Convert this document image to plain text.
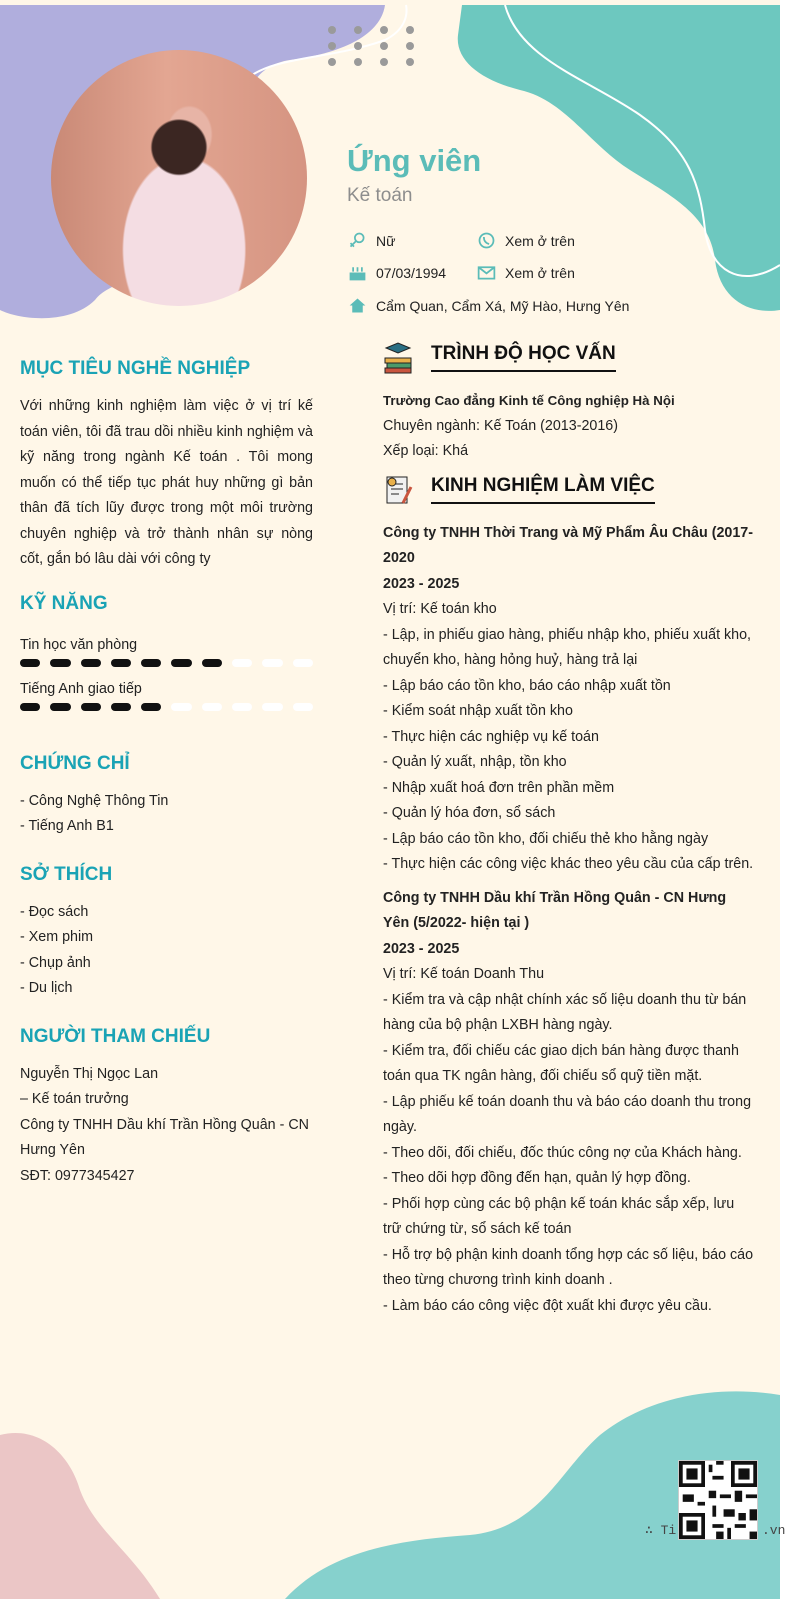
Ứng viên
Kế toán
Nữ	Xem ở trên
07/03/1994	Xem ở trên
Cẩm Quan, Cẩm Xá, Mỹ Hào, Hưng Yên
MỤC TIÊU NGHỀ NGHIỆP

Với những kinh nghiệm làm việc ở vị trí kế toán viên, tôi đã trau dồi nhiều kinh nghiệm và kỹ năng trong ngành Kế toán . Tôi mong muốn có thể tiếp tục phát huy những gì bản thân đã tích lũy được trong một môi trường chuyên nghiệp và trở thành nhân sự nòng cốt, gắn bó lâu dài với công ty

KỸ NĂNG
Tin học văn phòng
Tiếng Anh giao tiếp
CHỨNG CHỈ
- Công Nghệ Thông Tin
- Tiếng Anh B1
SỞ THÍCH
- Đọc sách
- Xem phim
- Chụp ảnh
- Du lịch
NGƯỜI THAM CHIẾU
Nguyễn Thị Ngọc Lan
– Kế toán trưởng
Công ty TNHH Dầu khí Trần Hồng Quân - CN Hưng Yên
SĐT: 0977345427
TRÌNH ĐỘ HỌC VẤN
Trường Cao đẳng Kinh tế Công nghiệp Hà Nội
Chuyên ngành: Kế Toán (2013-2016)
Xếp loại: Khá
KINH NGHIỆM LÀM VIỆC
Công ty TNHH Thời Trang và Mỹ Phẩm Âu Châu (2017-2020
2023 - 2025
Vị trí: Kế toán kho
- Lập, in phiếu giao hàng, phiếu nhập kho, phiếu xuất kho, chuyển kho, hàng hỏng huỷ, hàng trả lại
- Lập báo cáo tồn kho, báo cáo nhập xuất tồn
- Kiểm soát nhập xuất tồn kho
- Thực hiện các nghiệp vụ kế toán
- Quản lý xuất, nhập, tồn kho
- Nhập xuất hoá đơn trên phần mềm
- Quản lý hóa đơn, sổ sách
- Lập báo cáo tồn kho, đối chiếu thẻ kho hằng ngày
- Thực hiện các công việc khác theo yêu cầu của cấp trên.
Công ty TNHH Dầu khí Trần Hồng Quân - CN Hưng Yên (5/2022- hiện tại )
2023 - 2025
Vị trí: Kế toán Doanh Thu
- Kiểm tra và cập nhật chính xác số liệu doanh thu từ bán hàng của bộ phận LXBH hàng ngày.
- Kiểm tra, đối chiếu các giao dịch bán hàng được thanh toán qua TK ngân hàng, đối chiếu sổ quỹ tiền mặt.
- Lập phiếu kế toán doanh thu và báo cáo doanh thu trong ngày.
- Theo dõi, đối chiếu, đốc thúc công nợ của Khách hàng.
- Theo dõi hợp đồng đến hạn, quản lý hợp đồng.
- Phối hợp cùng các bộ phận kế toán khác sắp xếp, lưu trữ chứng từ, sổ sách kế toán
- Hỗ trợ bộ phận kinh doanh tổng hợp các số liệu, báo cáo theo từng chương trình kinh doanh .
- Làm báo cáo công việc đột xuất khi được yêu cầu.
∴ Ti	.vn
